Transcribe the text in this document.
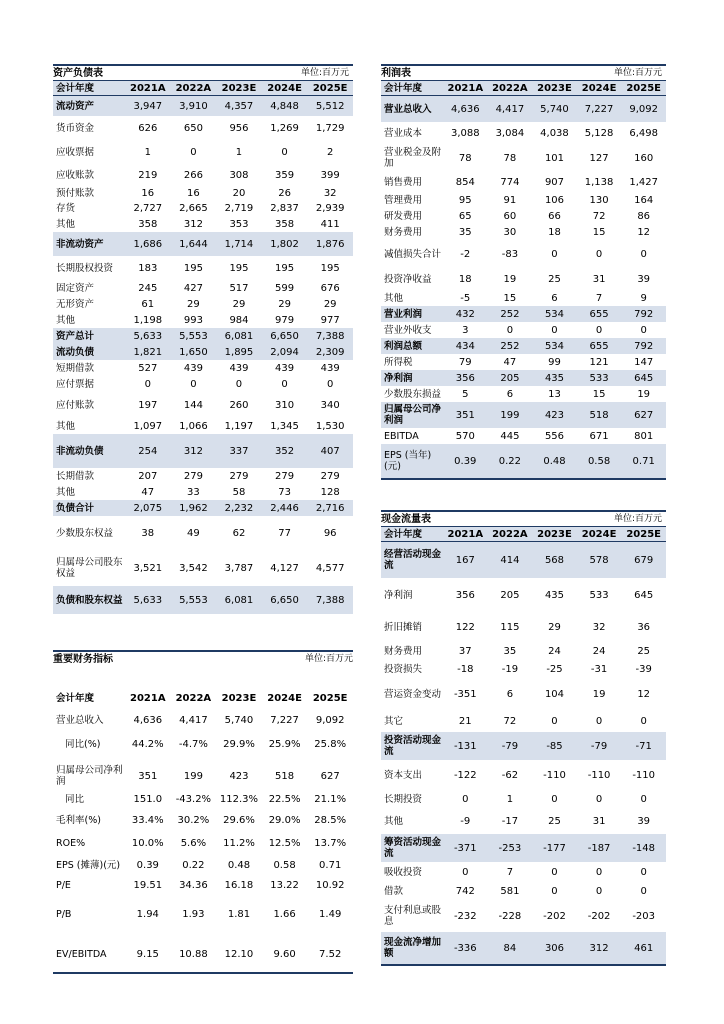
资产负债表				单位:百万元	
会计年度	2021A	2022A	2023E	2024E	2025E
流动资产	3,947	3,910	4,357	4,848	5,512
货币资金	626	650	956	1,269	1,729
应收票据	1	0	1	0	2
应收账款	219	266	308	359	399
预付账款	16	16	20	26	32
存货	2,727	2,665	2,719	2,837	2,939
其他	358	312	353	358	411
非流动资产	1,686	1,644	1,714	1,802	1,876
长期股权投资	183	195	195	195	195
固定资产	245	427	517	599	676
无形资产	61	29	29	29	29
其他	1,198	993	984	979	977
资产总计	5,633	5,553	6,081	6,650	7,388
流动负债	1,821	1,650	1,895	2,094	2,309
短期借款	527	439	439	439	439
应付票据	0	0	0	0	0
应付账款	197	144	260	310	340
其他	1,097	1,066	1,197	1,345	1,530
非流动负债	254	312	337	352	407
长期借款	207	279	279	279	279
其他	47	33	58	73	128
负债合计	2,075	1,962	2,232	2,446	2,716
少数股东权益	38	49	62	77	96
归属母公司股东权益	3,521	3,542	3,787	4,127	4,577
负债和股东权益	5,633	5,553	6,081	6,650	7,388
利润表				单位:百万元	
会计年度	2021A	2022A	2023E	2024E	2025E
营业总收入	4,636	4,417	5,740	7,227	9,092
营业成本	3,088	3,084	4,038	5,128	6,498
营业税金及附加	78	78	101	127	160
销售费用	854	774	907	1,138	1,427
管理费用	95	91	106	130	164
研发费用	65	60	66	72	86
财务费用	35	30	18	15	12
减值损失合计	-2	-83	0	0	0
投资净收益	18	19	25	31	39
其他	-5	15	6	7	9
营业利润	432	252	534	655	792
营业外收支	3	0	0	0	0
利润总额	434	252	534	655	792
所得税	79	47	99	121	147
净利润	356	205	435	533	645
少数股东损益	5	6	13	15	19
归属母公司净利润	351	199	423	518	627
EBITDA	570	445	556	671	801
EPS (当年)(元)	0.39	0.22	0.48	0.58	0.71
现金流量表				单位:百万元	
会计年度	2021A	2022A	2023E	2024E	2025E
经营活动现金流	167	414	568	578	679
净利润	356	205	435	533	645
折旧摊销	122	115	29	32	36
财务费用	37	35	24	24	25
投资损失	-18	-19	-25	-31	-39
营运资金变动	-351	6	104	19	12
其它	21	72	0	0	0
投资活动现金流	-131	-79	-85	-79	-71
资本支出	-122	-62	-110	-110	-110
长期投资	0	1	0	0	0
其他	-9	-17	25	31	39
筹资活动现金流	-371	-253	-177	-187	-148
吸收投资	0	7	0	0	0
借款	742	581	0	0	0
支付利息或股息	-232	-228	-202	-202	-203
现金流净增加额	-336	84	306	312	461
重要财务指标				单位:百万元	
会计年度	2021A	2022A	2023E	2024E	2025E
营业总收入	4,636	4,417	5,740	7,227	9,092
同比(%)	44.2%	-4.7%	29.9%	25.9%	25.8%
归属母公司净利润	351	199	423	518	627
同比	151.0	-43.2%	112.3%	22.5%	21.1%
毛利率(%)	33.4%	30.2%	29.6%	29.0%	28.5%
ROE%	10.0%	5.6%	11.2%	12.5%	13.7%
EPS (摊薄)(元)	0.39	0.22	0.48	0.58	0.71
P/E	19.51	34.36	16.18	13.22	10.92
P/B	1.94	1.93	1.81	1.66	1.49
EV/EBITDA	9.15	10.88	12.10	9.60	7.52
